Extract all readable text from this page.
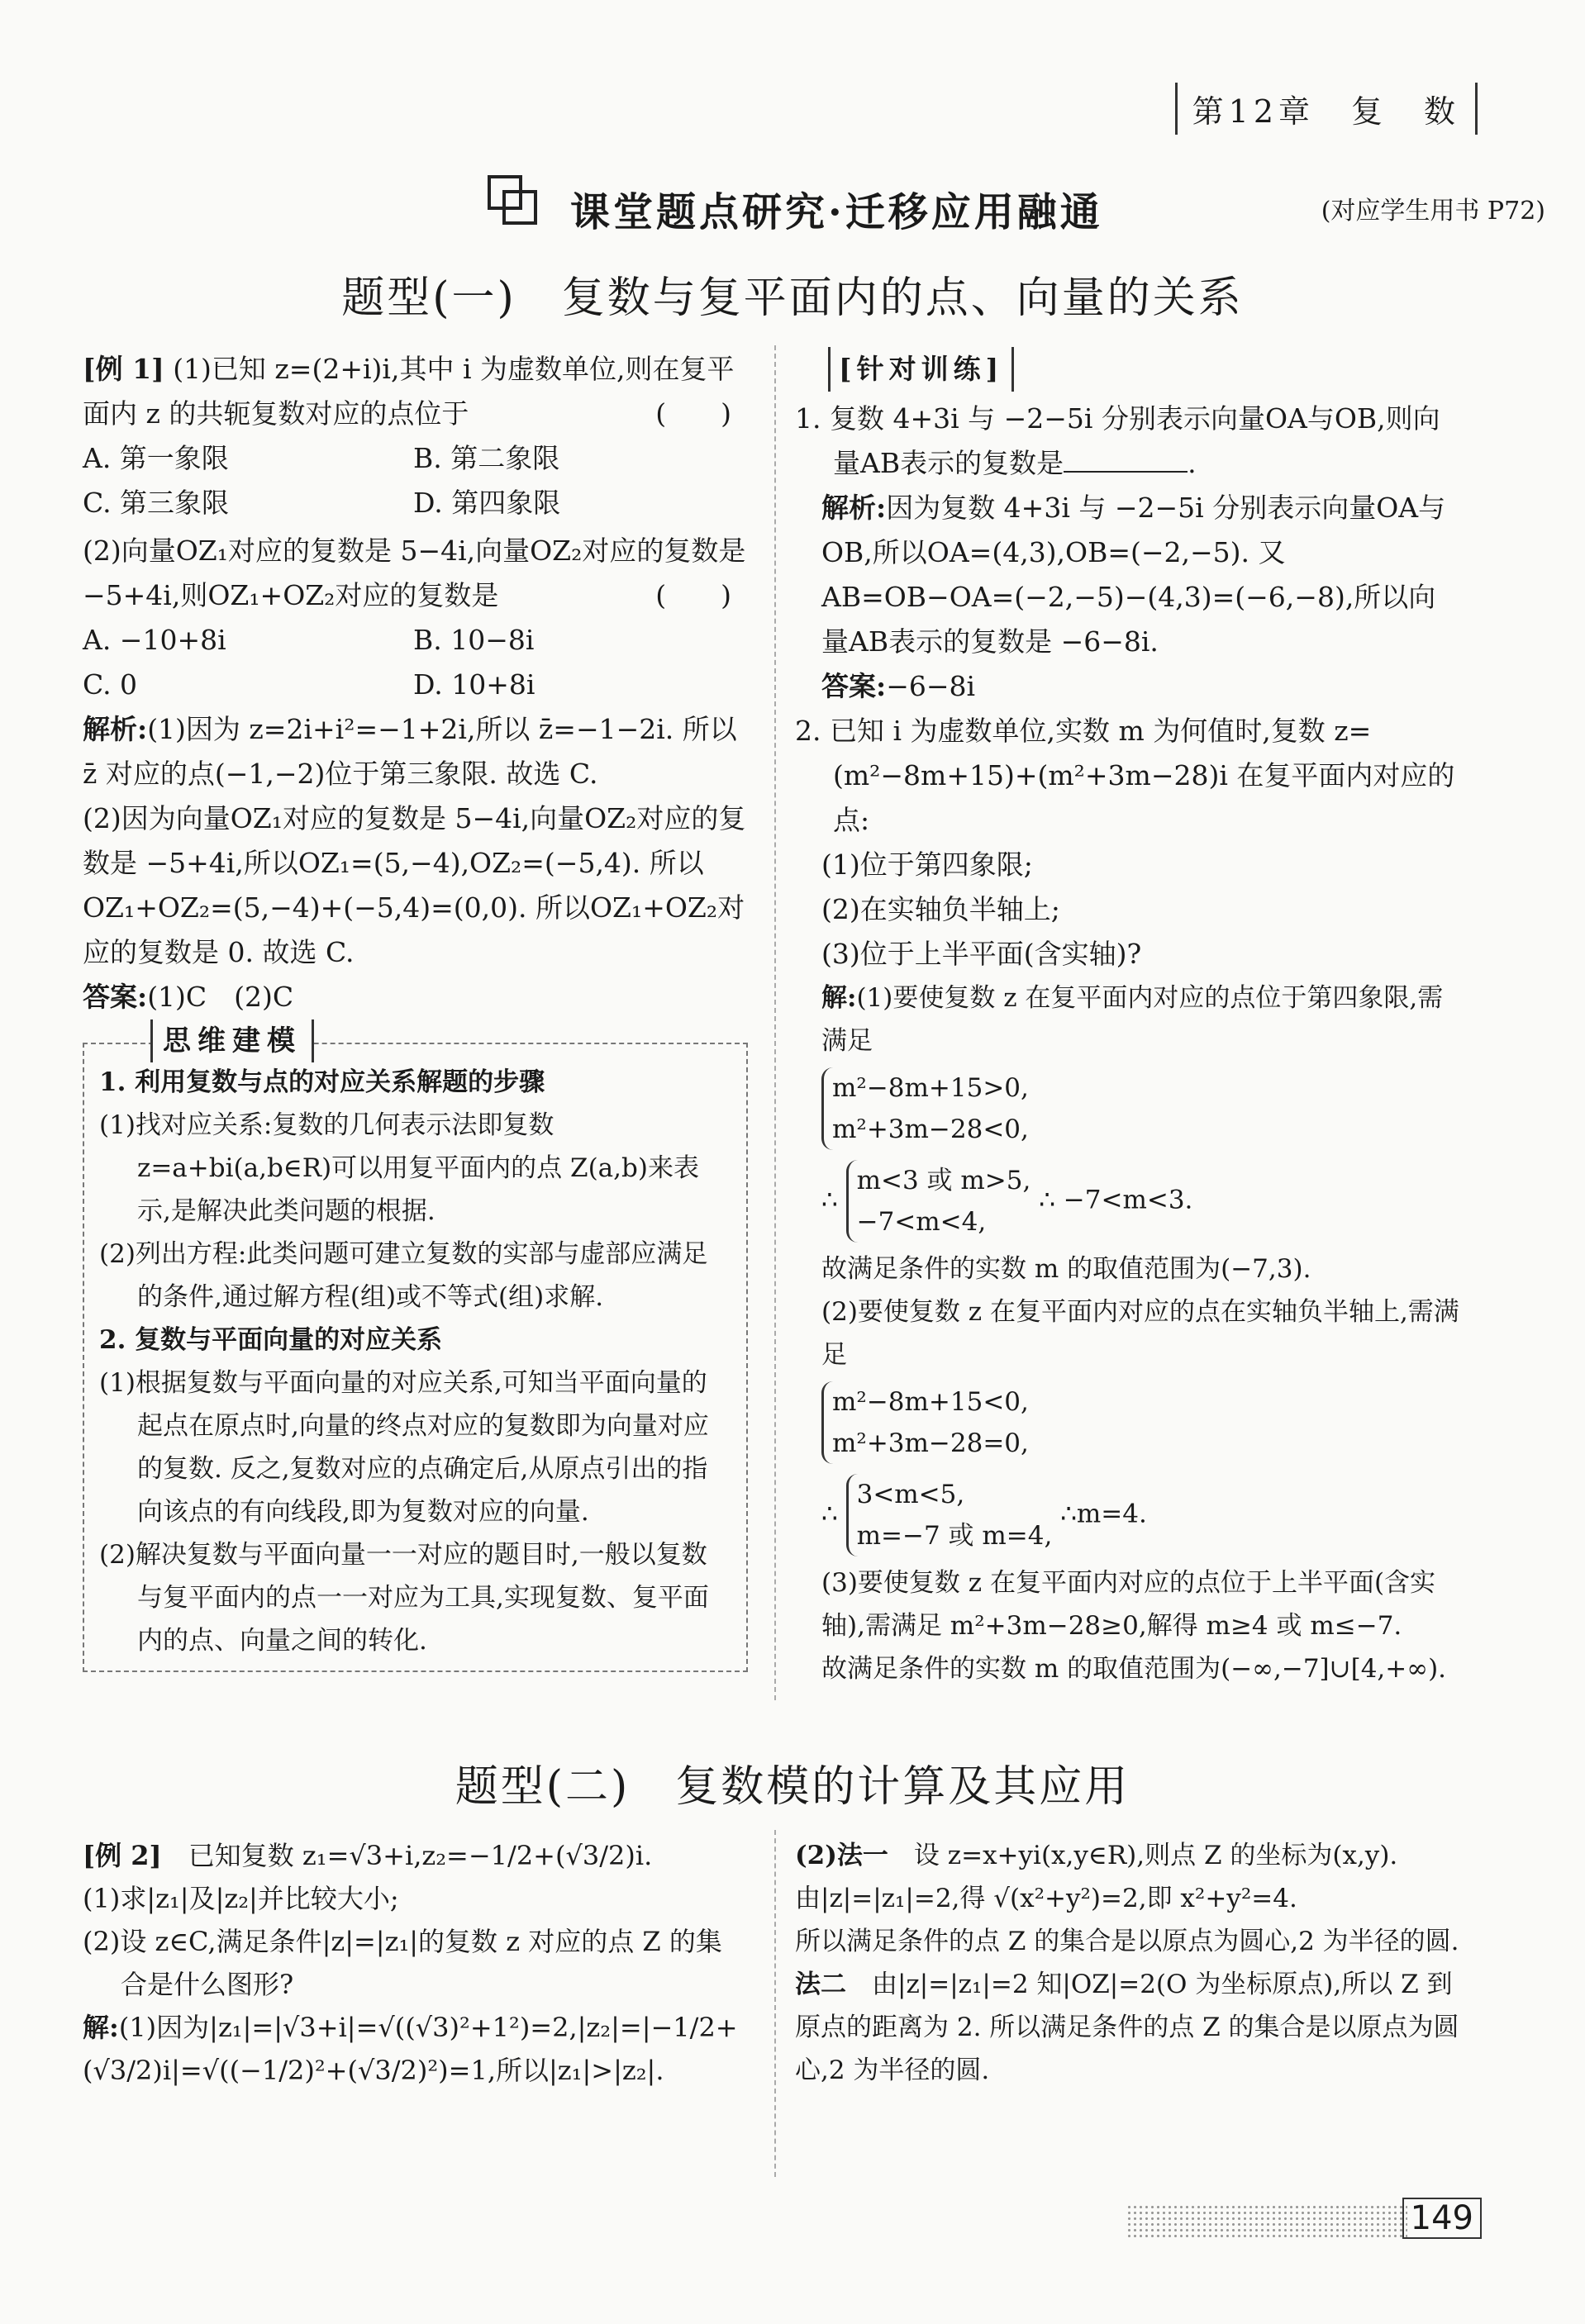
第12章　复　数
课堂题点研究·迁移应用融通	(对应学生用书 P72)
题型(一)　复数与复平面内的点、向量的关系

[例 1] (1)已知 z=(2+i)i,其中 i 为虚数单位,则在复平面内 z 的共轭复数对应的点位于	(　　)

A. 第一象限	B. 第二象限
C. 第三象限	D. 第四象限

(2)向量OZ₁对应的复数是 5−4i,向量OZ₂对应的复数是 −5+4i,则OZ₁+OZ₂对应的复数是	(　　)

A. −10+8i	B. 10−8i
C. 0	D. 10+8i

解析:(1)因为 z=2i+i²=−1+2i,所以 z̄=−1−2i. 所以 z̄ 对应的点(−1,−2)位于第三象限. 故选 C.

(2)因为向量OZ₁对应的复数是 5−4i,向量OZ₂对应的复数是 −5+4i,所以OZ₁=(5,−4),OZ₂=(−5,4). 所以OZ₁+OZ₂=(5,−4)+(−5,4)=(0,0). 所以OZ₁+OZ₂对应的复数是 0. 故选 C.

答案:(1)C　(2)C

思维建模

1. 利用复数与点的对应关系解题的步骤

(1)找对应关系:复数的几何表示法即复数 z=a+bi(a,b∈R)可以用复平面内的点 Z(a,b)来表示,是解决此类问题的根据.

(2)列出方程:此类问题可建立复数的实部与虚部应满足的条件,通过解方程(组)或不等式(组)求解.

2. 复数与平面向量的对应关系

(1)根据复数与平面向量的对应关系,可知当平面向量的起点在原点时,向量的终点对应的复数即为向量对应的复数. 反之,复数对应的点确定后,从原点引出的指向该点的有向线段,即为复数对应的向量.

(2)解决复数与平面向量一一对应的题目时,一般以复数与复平面内的点一一对应为工具,实现复数、复平面内的点、向量之间的转化.

[针对训练]

1. 复数 4+3i 与 −2−5i 分别表示向量OA与OB,则向量AB表示的复数是	.

解析:因为复数 4+3i 与 −2−5i 分别表示向量OA与OB,所以OA=(4,3),OB=(−2,−5). 又AB=OB−OA=(−2,−5)−(4,3)=(−6,−8),所以向量AB表示的复数是 −6−8i.

答案:−6−8i

2. 已知 i 为虚数单位,实数 m 为何值时,复数 z=(m²−8m+15)+(m²+3m−28)i 在复平面内对应的点:

(1)位于第四象限;

(2)在实轴负半轴上;

(3)位于上半平面(含实轴)?

解:(1)要使复数 z 在复平面内对应的点位于第四象限,需满足

m²−8m+15>0,
m²+3m−28<0,
∴
m<3 或 m>5,
−7<m<4,
∴ −7<m<3.

故满足条件的实数 m 的取值范围为(−7,3).

(2)要使复数 z 在复平面内对应的点在实轴负半轴上,需满足

m²−8m+15<0,
m²+3m−28=0,
∴
3<m<5,
m=−7 或 m=4,
∴m=4.

(3)要使复数 z 在复平面内对应的点位于上半平面(含实轴),需满足 m²+3m−28≥0,解得 m≥4 或 m≤−7.

故满足条件的实数 m 的取值范围为(−∞,−7]∪[4,+∞).

题型(二)　复数模的计算及其应用

[例 2]　 已知复数 z₁=√3+i,z₂=−1/2+(√3/2)i.

(1)求|z₁|及|z₂|并比较大小;

(2)设 z∈C,满足条件|z|=|z₁|的复数 z 对应的点 Z 的集合是什么图形?

解:(1)因为|z₁|=|√3+i|=√((√3)²+1²)=2,|z₂|=|−1/2+(√3/2)i|=√((−1/2)²+(√3/2)²)=1,所以|z₁|>|z₂|.

(2)法一　 设 z=x+yi(x,y∈R),则点 Z 的坐标为(x,y).

由|z|=|z₁|=2,得 √(x²+y²)=2,即 x²+y²=4.

所以满足条件的点 Z 的集合是以原点为圆心,2 为半径的圆.

法二　 由|z|=|z₁|=2 知|OZ|=2(O 为坐标原点),所以 Z 到原点的距离为 2. 所以满足条件的点 Z 的集合是以原点为圆心,2 为半径的圆.

149
